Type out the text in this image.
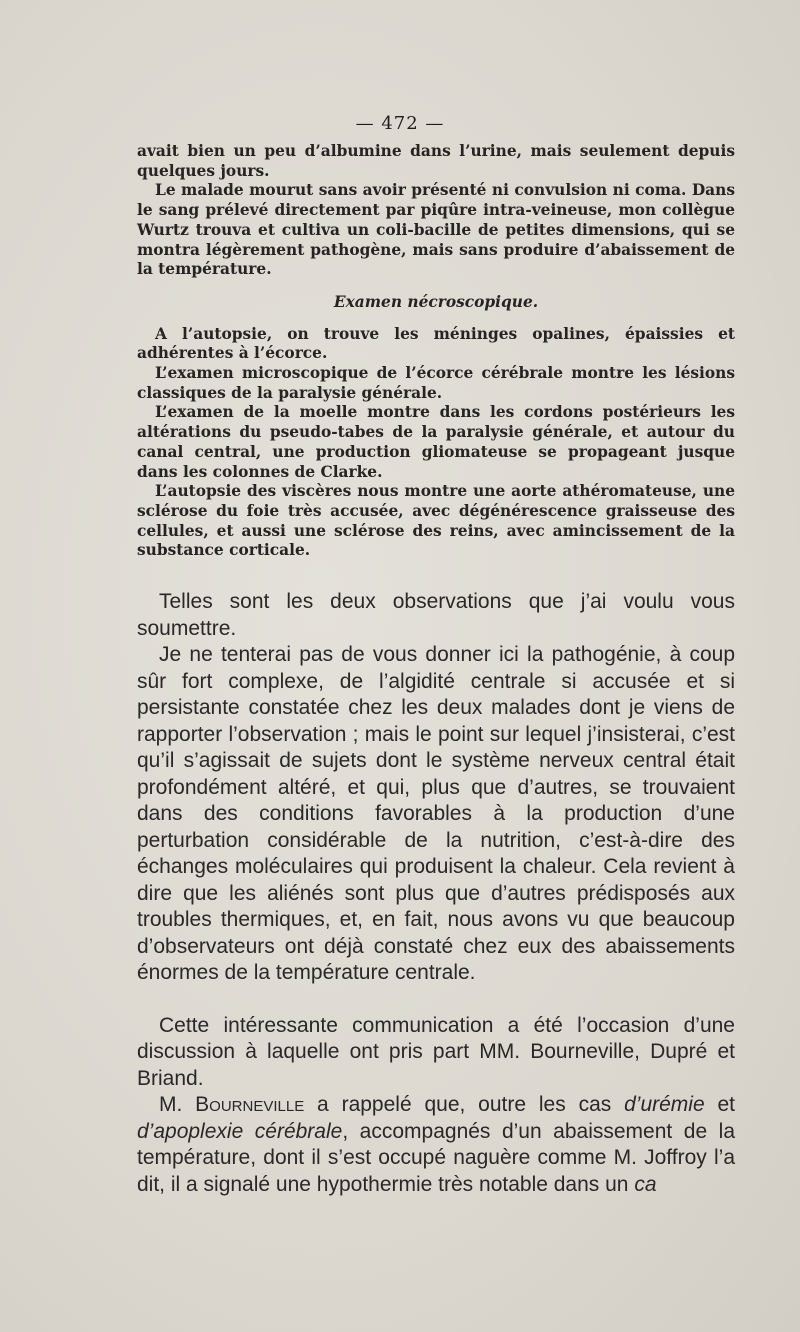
— 472 —

avait bien un peu d’albumine dans l’urine, mais seulement depuis quelques jours.

Le malade mourut sans avoir présenté ni convulsion ni coma. Dans le sang prélevé directement par piqûre intra-veineuse, mon collègue Wurtz trouva et cultiva un coli-bacille de petites dimensions, qui se montra légèrement pathogène, mais sans produire d’abaissement de la température.

Examen nécroscopique.

A l’autopsie, on trouve les méninges opalines, épaissies et adhérentes à l’écorce.

L’examen microscopique de l’écorce cérébrale montre les lésions classiques de la paralysie générale.

L’examen de la moelle montre dans les cordons postérieurs les altérations du pseudo-tabes de la paralysie générale, et autour du canal central, une production gliomateuse se propageant jusque dans les colonnes de Clarke.

L’autopsie des viscères nous montre une aorte athéromateuse, une sclérose du foie très accusée, avec dégénérescence graisseuse des cellules, et aussi une sclérose des reins, avec amincissement de la substance corticale.

Telles sont les deux observations que j’ai voulu vous soumettre.

Je ne tenterai pas de vous donner ici la pathogénie, à coup sûr fort complexe, de l’algidité centrale si accusée et si persistante constatée chez les deux malades dont je viens de rapporter l’observation ; mais le point sur lequel j’insisterai, c’est qu’il s’agissait de sujets dont le système nerveux central était profondément altéré, et qui, plus que d’autres, se trouvaient dans des conditions favorables à la production d’une perturbation considérable de la nutrition, c’est-à-dire des échanges moléculaires qui produisent la chaleur. Cela revient à dire que les aliénés sont plus que d’autres prédisposés aux troubles thermiques, et, en fait, nous avons vu que beaucoup d’observateurs ont déjà constaté chez eux des abaissements énormes de la température centrale.

Cette intéressante communication a été l’occasion d’une discussion à laquelle ont pris part MM. Bourneville, Dupré et Briand.

M. Bourneville a rappelé que, outre les cas d’urémie et d’apoplexie cérébrale, accompagnés d’un abaissement de la température, dont il s’est occupé naguère comme M. Joffroy l’a dit, il a signalé une hypothermie très notable dans un ca
